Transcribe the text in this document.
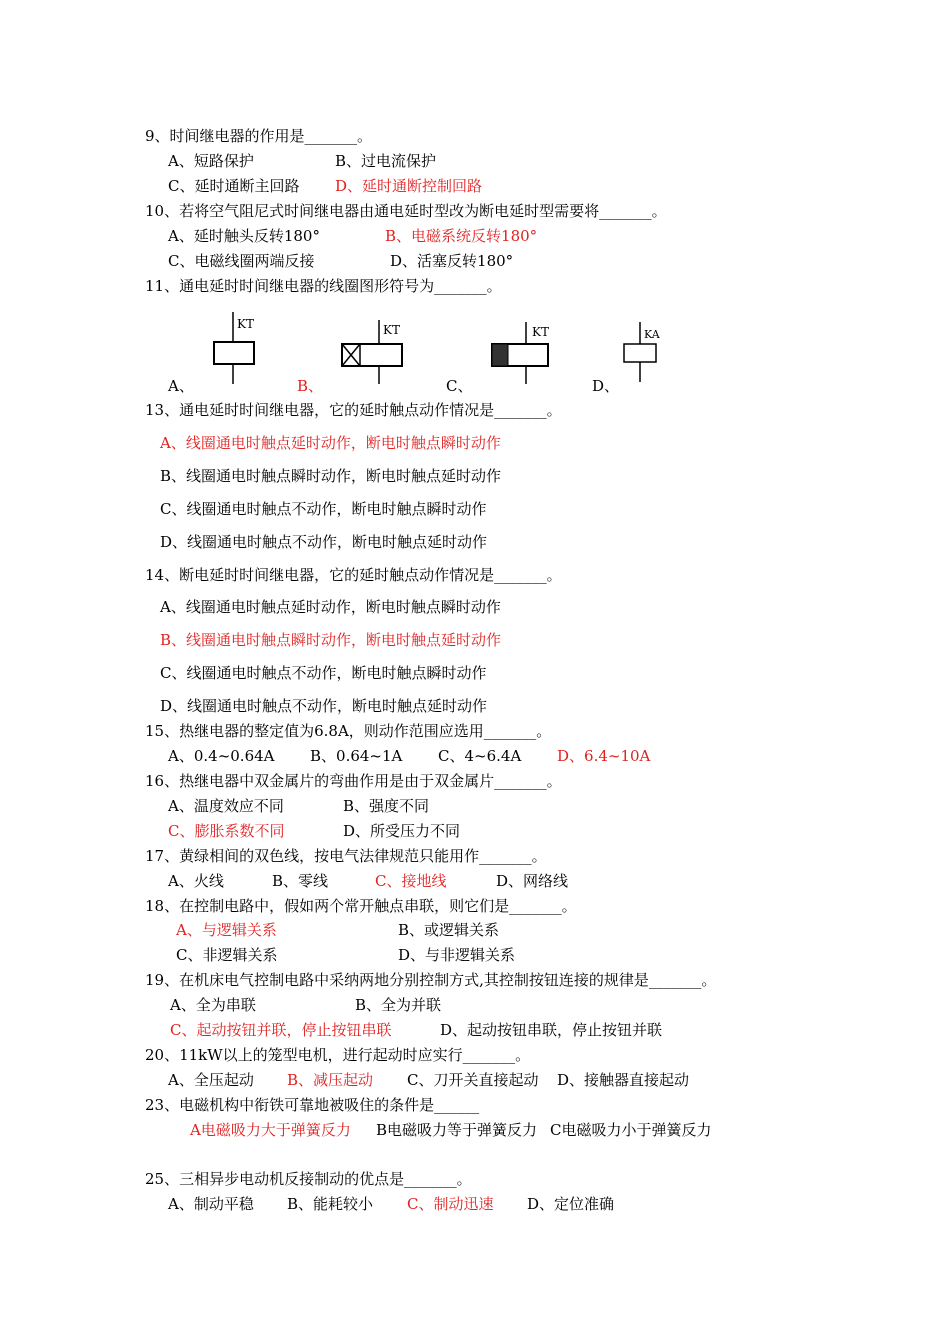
9、时间继电器的作用是_______。
A、短路保护	B、过电流保护
C、延时通断主回路 D、延时通断控制回路
10、若将空气阻尼式时间继电器由通电延时型改为断电延时型需要将_______。
A、延时触头反转180°	B、电磁系统反转180°
C、电磁线圈两端反接	D、活塞反转180°
11、通电延时时间继电器的线圈图形符号为_______。
KT	KT	KT	KA
A、	B、	C、	D、
13、通电延时时间继电器，它的延时触点动作情况是_______。
A、线圈通电时触点延时动作，断电时触点瞬时动作
B、线圈通电时触点瞬时动作，断电时触点延时动作
C、线圈通电时触点不动作，断电时触点瞬时动作
D、线圈通电时触点不动作，断电时触点延时动作
14、断电延时时间继电器，它的延时触点动作情况是_______。
A、线圈通电时触点延时动作，断电时触点瞬时动作
B、线圈通电时触点瞬时动作，断电时触点延时动作
C、线圈通电时触点不动作，断电时触点瞬时动作
D、线圈通电时触点不动作，断电时触点延时动作
15、热继电器的整定值为6.8A，则动作范围应选用_______。
A、0.4~0.64A B、0.64~1A C、4~6.4A D、6.4~10A
16、热继电器中双金属片的弯曲作用是由于双金属片_______。
A、温度效应不同	B、强度不同
C、膨胀系数不同	D、所受压力不同
17、黄绿相间的双色线，按电气法律规范只能用作_______。
A、火线	B、零线	C、接地线	D、网络线
18、在控制电路中，假如两个常开触点串联，则它们是_______。
A、与逻辑关系	B、或逻辑关系
C、非逻辑关系	D、与非逻辑关系
19、在机床电气控制电路中采纳两地分别控制方式,其控制按钮连接的规律是_______。
A、全为串联	B、全为并联
C、起动按钮并联，停止按钮串联	D、起动按钮串联，停止按钮并联
20、11kW以上的笼型电机，进行起动时应实行_______。
A、全压起动 B、减压起动 C、刀开关直接起动 D、接触器直接起动
23、电磁机构中衔铁可靠地被吸住的条件是______
A电磁吸力大于弹簧反力 B电磁吸力等于弹簧反力 C电磁吸力小于弹簧反力
25、三相异步电动机反接制动的优点是_______。
A、制动平稳 B、能耗较小 C、制动迅速 D、定位准确
